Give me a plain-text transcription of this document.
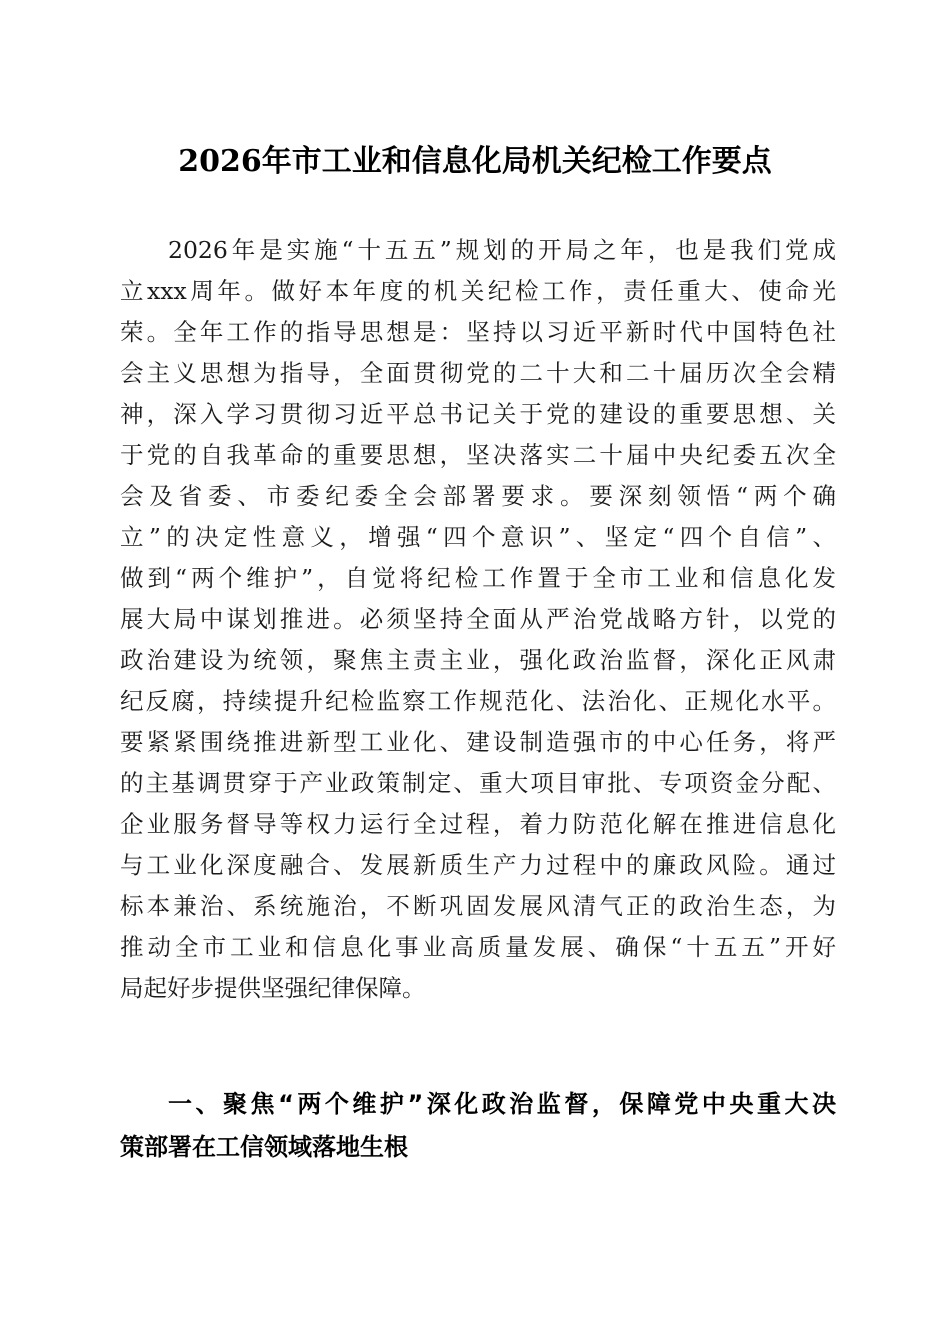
2026年市工业和信息化局机关纪检工作要点
2026年是实施“十五五”规划的开局之年，也是我们党成
立xxx周年。做好本年度的机关纪检工作，责任重大、使命光
荣。全年工作的指导思想是：坚持以习近平新时代中国特色社
会主义思想为指导，全面贯彻党的二十大和二十届历次全会精
神，深入学习贯彻习近平总书记关于党的建设的重要思想、关
于党的自我革命的重要思想，坚决落实二十届中央纪委五次全
会及省委、市委纪委全会部署要求。要深刻领悟“两个确
立”的决定性意义，增强“四个意识”、坚定“四个自信”、
做到“两个维护”，自觉将纪检工作置于全市工业和信息化发
展大局中谋划推进。必须坚持全面从严治党战略方针，以党的
政治建设为统领，聚焦主责主业，强化政治监督，深化正风肃
纪反腐，持续提升纪检监察工作规范化、法治化、正规化水平。
要紧紧围绕推进新型工业化、建设制造强市的中心任务，将严
的主基调贯穿于产业政策制定、重大项目审批、专项资金分配、
企业服务督导等权力运行全过程，着力防范化解在推进信息化
与工业化深度融合、发展新质生产力过程中的廉政风险。通过
标本兼治、系统施治，不断巩固发展风清气正的政治生态，为
推动全市工业和信息化事业高质量发展、确保“十五五”开好
局起好步提供坚强纪律保障。
一、聚焦“两个维护”深化政治监督，保障党中央重大决
策部署在工信领域落地生根
